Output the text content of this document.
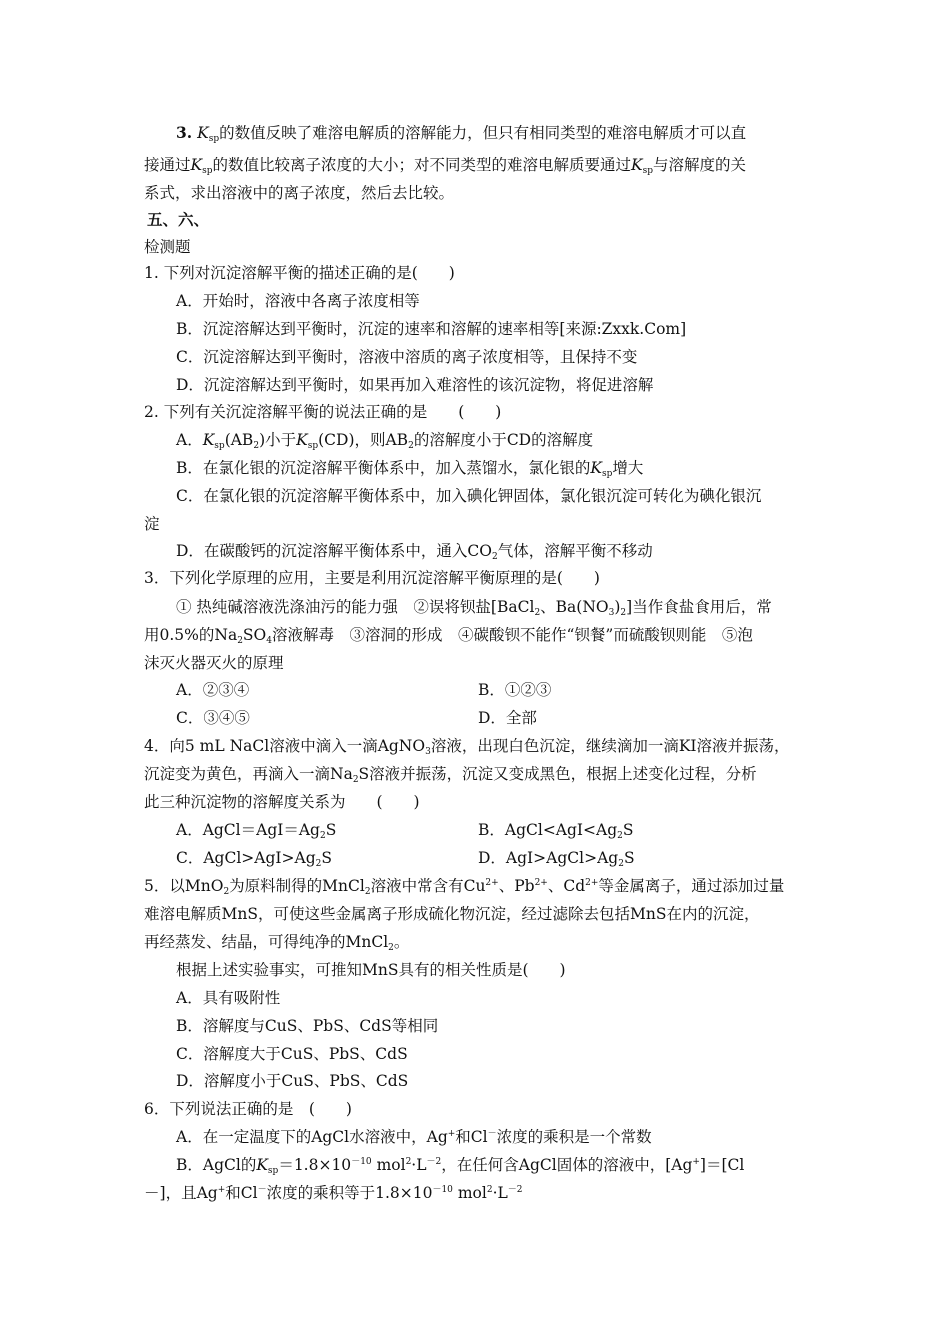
3. $K_{sp}$的数值反映了难溶电解质的溶解能力，但只有相同类型的难溶电解质才可以直
接通过$K_{sp}$的数值比较离子浓度的大小；对不同类型的难溶电解质要通过$K_{sp}$与溶解度的关
系式，求出溶液中的离子浓度，然后去比较。
五、六、
检测题
1. 下列对沉淀溶解平衡的描述正确的是(　　)
A．开始时，溶液中各离子浓度相等
B．沉淀溶解达到平衡时，沉淀的速率和溶解的速率相等[来源:Zxxk.Com]
C．沉淀溶解达到平衡时，溶液中溶质的离子浓度相等，且保持不变
D．沉淀溶解达到平衡时，如果再加入难溶性的该沉淀物，将促进溶解
2. 下列有关沉淀溶解平衡的说法正确的是　　(　　)
A．$K_{sp}(AB_2)$小于$K_{sp}(CD)$，则$AB_2$的溶解度小于CD的溶解度
B．在氯化银的沉淀溶解平衡体系中，加入蒸馏水，氯化银的$K_{sp}$增大
C．在氯化银的沉淀溶解平衡体系中，加入碘化钾固体，氯化银沉淀可转化为碘化银沉
淀
D．在碳酸钙的沉淀溶解平衡体系中，通入$CO_2$气体，溶解平衡不移动
3．下列化学原理的应用，主要是利用沉淀溶解平衡原理的是(　　)
① 热纯碱溶液洗涤油污的能力强　②误将钡盐[BaCl$_2$、$Ba(NO_3)_2$]当作食盐食用后，常
用0.5%的$Na_2SO_4$溶液解毒　③溶洞的形成　④碳酸钡不能作“钡餐”而硫酸钡则能　⑤泡
沫灭火器灭火的原理
A．②③④	B．①②③
C．③④⑤	D．全部
4．向5 mL NaCl溶液中滴入一滴AgNO$_3$溶液，出现白色沉淀，继续滴加一滴KI溶液并振荡，
沉淀变为黄色，再滴入一滴$Na_2S$溶液并振荡，沉淀又变成黑色，根据上述变化过程，分析
此三种沉淀物的溶解度关系为　　(　　)
A．$AgCl=AgI=Ag_2S$	B．$AgCl<AgI<Ag_2S$
C．$AgCl>AgI>Ag_2S$	D．$AgI>AgCl>Ag_2S$
5．以MnO$_2$为原料制得的MnCl$_2$溶液中常含有$Cu^{2+}$、$Pb^{2+}$、$Cd^{2+}$等金属离子，通过添加过量
难溶电解质MnS，可使这些金属离子形成硫化物沉淀，经过滤除去包括MnS在内的沉淀，
再经蒸发、结晶，可得纯净的MnCl$_2$。
根据上述实验事实，可推知MnS具有的相关性质是(　　)
A．具有吸附性
B．溶解度与CuS、PbS、CdS等相同
C．溶解度大于CuS、PbS、CdS
D．溶解度小于CuS、PbS、CdS
6．下列说法正确的是　(　　)
A．在一定温度下的AgCl水溶液中，Ag+和Cl－浓度的乘积是一个常数
B．AgCl的$K_{sp}=1.8\times 10^{-10}$ $mol^2\cdot L^{-2}$，在任何含AgCl固体的溶液中，[Ag+]＝[Cl
－]，且Ag+和Cl－浓度的乘积等于$1.8\times 10^{-10}$ $mol^2\cdot L^{-2}$
